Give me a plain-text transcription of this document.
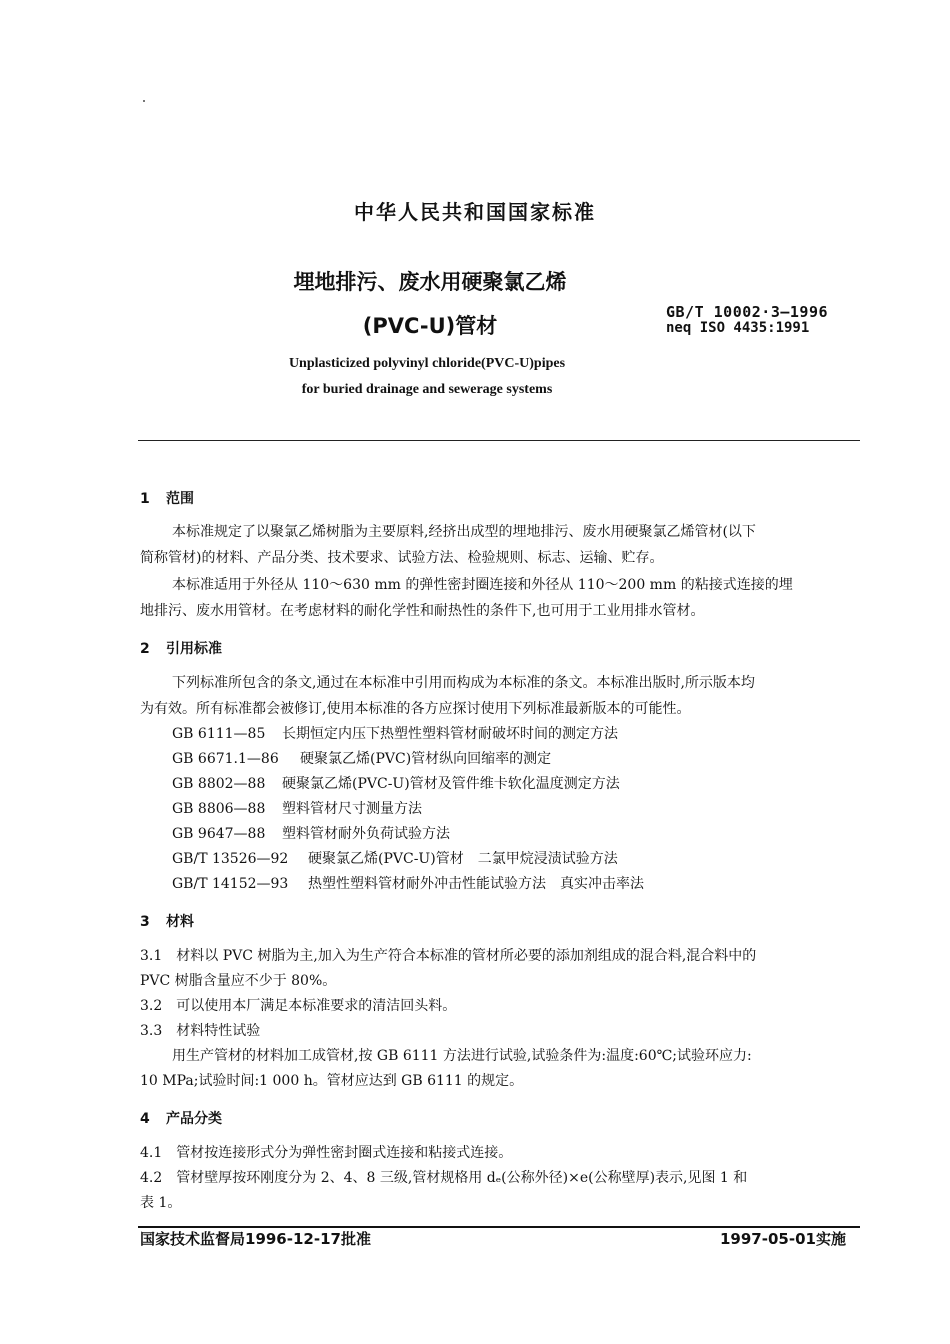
中华人民共和国国家标准
埋地排污、废水用硬聚氯乙烯
(PVC-U)管材
GB/T 10002·3—1996
neq ISO 4435:1991
Unplasticized polyvinyl chloride(PVC-U)pipes
for buried drainage and sewerage systems
1 范围
本标准规定了以聚氯乙烯树脂为主要原料,经挤出成型的埋地排污、废水用硬聚氯乙烯管材(以下
简称管材)的材料、产品分类、技术要求、试验方法、检验规则、标志、运输、贮存。
本标准适用于外径从 110～630 mm 的弹性密封圈连接和外径从 110～200 mm 的粘接式连接的埋
地排污、废水用管材。在考虑材料的耐化学性和耐热性的条件下,也可用于工业用排水管材。
2 引用标准
下列标准所包含的条文,通过在本标准中引用而构成为本标准的条文。本标准出版时,所示版本均
为有效。所有标准都会被修订,使用本标准的各方应探讨使用下列标准最新版本的可能性。
GB 6111—85 长期恒定内压下热塑性塑料管材耐破坏时间的测定方法
GB 6671.1—86 硬聚氯乙烯(PVC)管材纵向回缩率的测定
GB 8802—88 硬聚氯乙烯(PVC-U)管材及管件维卡软化温度测定方法
GB 8806—88 塑料管材尺寸测量方法
GB 9647—88 塑料管材耐外负荷试验方法
GB/T 13526—92 硬聚氯乙烯(PVC-U)管材　二氯甲烷浸渍试验方法
GB/T 14152—93 热塑性塑料管材耐外冲击性能试验方法　真实冲击率法
3 材料
3.1　材料以 PVC 树脂为主,加入为生产符合本标准的管材所必要的添加剂组成的混合料,混合料中的
PVC 树脂含量应不少于 80%。
3.2　可以使用本厂满足本标准要求的清洁回头料。
3.3　材料特性试验
用生产管材的材料加工成管材,按 GB 6111 方法进行试验,试验条件为:温度:60℃;试验环应力:
10 MPa;试验时间:1 000 h。管材应达到 GB 6111 的规定。
4 产品分类
4.1　管材按连接形式分为弹性密封圈式连接和粘接式连接。
4.2　管材壁厚按环刚度分为 2、4、8 三级,管材规格用 dₑ(公称外径)×e(公称壁厚)表示,见图 1 和
表 1。
国家技术监督局1996-12-17批准	1997-05-01实施
